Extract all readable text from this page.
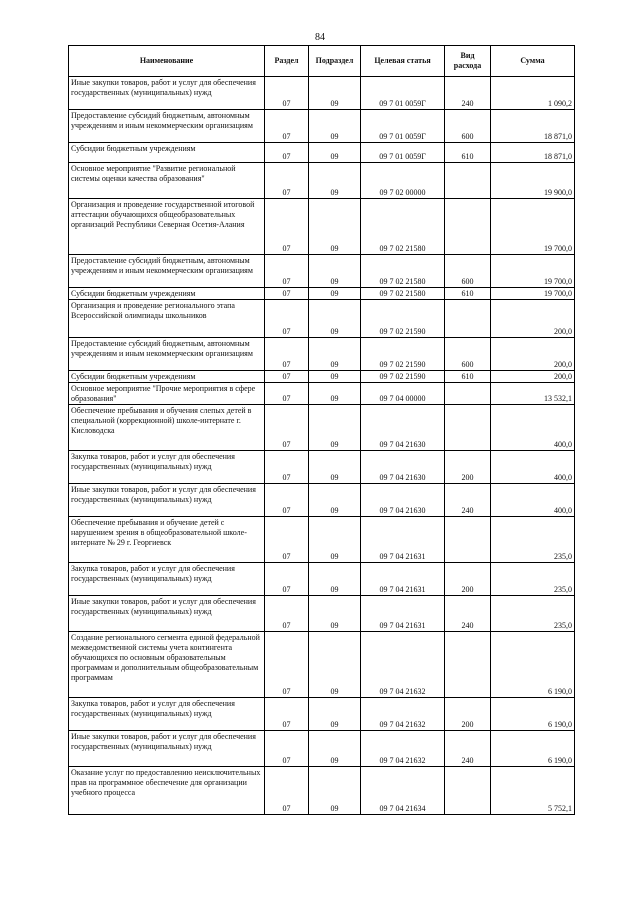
84
Наименование	Раздел	Подраздел	Целевая статья	Вид расхода	Сумма
Иные закупки товаров, работ и услуг для обеспечения государственных (муниципальных) нужд	07	09	09 7 01 0059Г	240	1 090,2
Предоставление субсидий бюджетным, автономным учреждениям и иным некоммерческим организациям	07	09	09 7 01 0059Г	600	18 871,0
Субсидии бюджетным учреждениям	07	09	09 7 01 0059Г	610	18 871,0
Основное мероприятие "Развитие региональной системы оценки качества образования"	07	09	09 7 02 00000		19 900,0
Организация и проведение государственной итоговой аттестации обучающихся общеобразовательных организаций Республики Северная Осетия-Алания	07	09	09 7 02 21580		19 700,0
Предоставление субсидий бюджетным, автономным учреждениям и иным некоммерческим организациям	07	09	09 7 02 21580	600	19 700,0
Субсидии бюджетным учреждениям	07	09	09 7 02 21580	610	19 700,0
Организация и проведение регионального этапа Всероссийской олимпиады школьников	07	09	09 7 02 21590		200,0
Предоставление субсидий бюджетным, автономным учреждениям и иным некоммерческим организациям	07	09	09 7 02 21590	600	200,0
Субсидии бюджетным учреждениям	07	09	09 7 02 21590	610	200,0
Основное мероприятие "Прочие мероприятия в сфере образования"	07	09	09 7 04 00000		13 532,1
Обеспечение пребывания и обучения слепых детей в специальной (коррекционной) школе-интернате г. Кисловодска	07	09	09 7 04 21630		400,0
Закупка товаров, работ и услуг для обеспечения государственных (муниципальных) нужд	07	09	09 7 04 21630	200	400,0
Иные закупки товаров, работ и услуг для обеспечения государственных (муниципальных) нужд	07	09	09 7 04 21630	240	400,0
Обеспечение пребывания и обучение детей с нарушением зрения в общеобразовательной школе-интернате № 29 г. Георгиевск	07	09	09 7 04 21631		235,0
Закупка товаров, работ и услуг для обеспечения государственных (муниципальных) нужд	07	09	09 7 04 21631	200	235,0
Иные закупки товаров, работ и услуг для обеспечения государственных (муниципальных) нужд	07	09	09 7 04 21631	240	235,0
Создание регионального сегмента единой федеральной межведомственной системы учета контингента обучающихся по основным образовательным программам и дополнительным общеобразовательным программам	07	09	09 7 04 21632		6 190,0
Закупка товаров, работ и услуг для обеспечения государственных (муниципальных) нужд	07	09	09 7 04 21632	200	6 190,0
Иные закупки товаров, работ и услуг для обеспечения государственных (муниципальных) нужд	07	09	09 7 04 21632	240	6 190,0
Оказание услуг по предоставлению неисключительных прав на программное обеспечение для организации учебного процесса	07	09	09 7 04 21634		5 752,1
